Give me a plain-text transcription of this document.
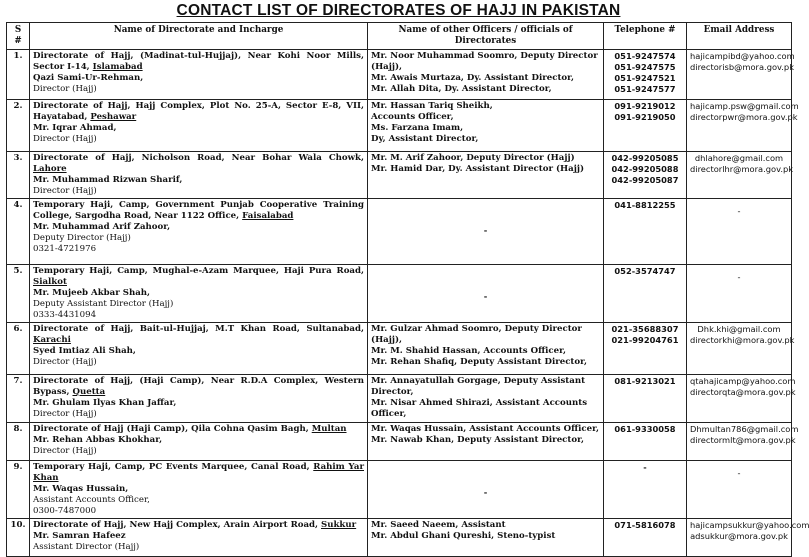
CONTACT LIST OF DIRECTORATES OF HAJJ IN PAKISTAN
S #	Name of Directorate and Incharge	Name of other Officers / officials of Directorates	Telephone #	Email Address
1.	Directorate of Hajj, (Madinat-tul-Hujjaj), Near Kohi Noor Mills, Sector I-14, Islamabad
Qazi Sami-Ur-Rehman,
Director (Hajj)	Mr. Noor Muhammad Soomro, Deputy Director (Hajj),
Mr. Awais Murtaza, Dy. Assistant Director,
Mr. Allah Dita, Dy. Assistant Director,	051-9247574
051-9247575
051-9247521
051-9247577	hajicampibd@yahoo.com
directorisb@mora.gov.pk

2.	Directorate of Hajj, Hajj Complex, Plot No. 25-A, Sector E-8, VII, Hayatabad, Peshawar
Mr. Iqrar Ahmad,
Director (Hajj)	Mr. Hassan Tariq Sheikh,
Accounts Officer,
Ms. Farzana Imam,
Dy, Assistant Director,	091-9219012
091-9219050	hajicamp.psw@gmail.com
directorpwr@mora.gov.pk

3.	Directorate of Hajj, Nicholson Road, Near Bohar Wala Chowk, Lahore
Mr. Muhammad Rizwan Sharif,
Director (Hajj)	Mr. M. Arif Zahoor, Deputy Director (Hajj)
Mr. Hamid Dar, Dy. Assistant Director (Hajj)	042-99205085
042-99205088
042-99205087	dhlahore@gmail.com
directorlhr@mora.gov.pk

4.	Temporary Haji, Camp, Government Punjab Cooperative Training College, Sargodha Road, Near 1122 Office, Faisalabad
Mr. Muhammad Arif Zahoor,
Deputy Director (Hajj)
0321-4721976	-	041-8812255	-

5.	Temporary Haji, Camp, Mughal-e-Azam Marquee, Haji Pura Road, Sialkot
Mr. Mujeeb Akbar Shah,
Deputy Assistant Director (Hajj)
0333-4431094	-	052-3574747	-

6.	Directorate of Hajj, Bait-ul-Hujjaj, M.T Khan Road, Sultanabad, Karachi
Syed Imtiaz Ali Shah,
Director (Hajj)	Mr. Gulzar Ahmad Soomro, Deputy Director (Hajj),
Mr. M. Shahid Hassan, Accounts Officer,
Mr. Rehan Shafiq, Deputy Assistant Director,	021-35688307
021-99204761	Dhk.khi@gmail.com
directorkhi@mora.gov.pk

7.	Directorate of Hajj, (Haji Camp), Near R.D.A Complex, Western Bypass, Quetta
Mr. Ghulam Ilyas Khan Jaffar,
Director (Hajj)	Mr. Annayatullah Gorgage, Deputy Assistant Director,
Mr. Nisar Ahmed Shirazi, Assistant Accounts Officer,	081-9213021	qtahajicamp@yahoo.com
directorqta@mora.gov.pk

8.	Directorate of Hajj (Haji Camp), Qila Cohna Qasim Bagh, Multan
Mr. Rehan Abbas Khokhar,
Director (Hajj)	Mr. Waqas Hussain, Assistant Accounts Officer,
Mr. Nawab Khan, Deputy Assistant Director,	061-9330058	Dhmultan786@gmail.com
directormlt@mora.gov.pk

9.	Temporary Haji, Camp, PC Events Marquee, Canal Road, Rahim Yar Khan
Mr. Waqas Hussain,
Assistant Accounts Officer,
0300-7487000	-	-	-

10.	Directorate of Hajj, New Hajj Complex, Arain Airport Road, Sukkur
Mr. Samran Hafeez
Assistant Director (Hajj)	Mr. Saeed Naeem, Assistant
Mr. Abdul Ghani Qureshi, Steno-typist	071-5816078	hajicampsukkur@yahoo.com
adsukkur@mora.gov.pk
